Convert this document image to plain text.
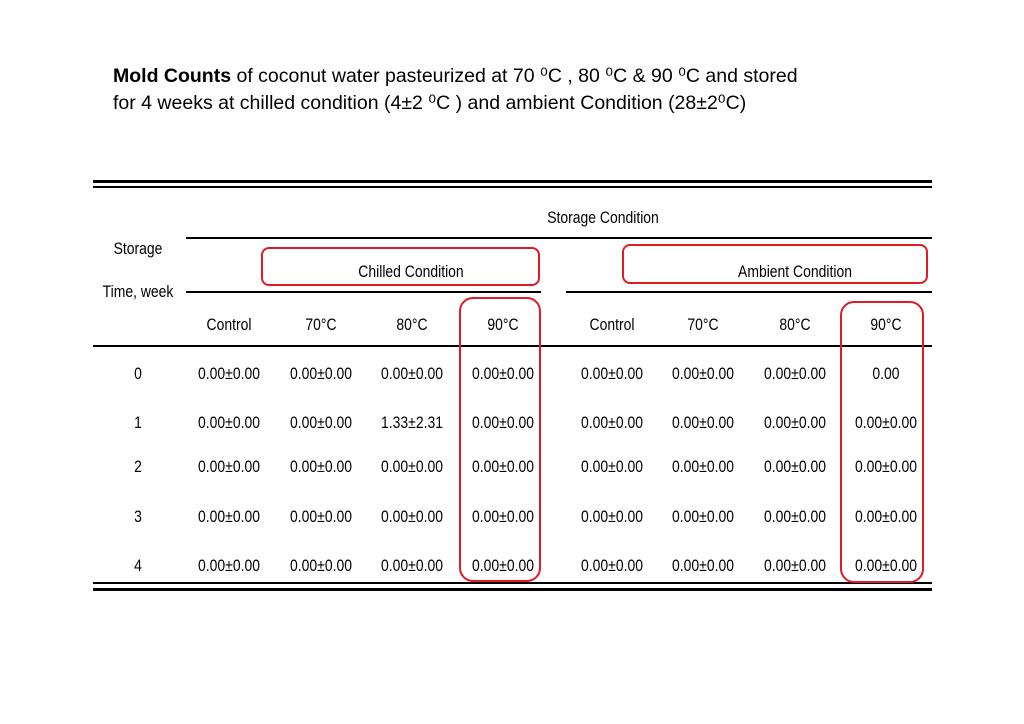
Mold Counts of coconut water pasteurized at 70 ⁰C , 80 ⁰C & 90 ⁰C and stored
for 4 weeks at chilled condition (4±2 ⁰C ) and ambient Condition (28±2⁰C)
Storage
Time, week
Storage Condition
Chilled Condition	Ambient Condition
Control	70°C	80°C	90°C	Control	70°C	80°C	90°C
0	0.00±0.00	0.00±0.00	0.00±0.00	0.00±0.00	0.00±0.00	0.00±0.00	0.00±0.00	0.00
1	0.00±0.00	0.00±0.00	1.33±2.31	0.00±0.00	0.00±0.00	0.00±0.00	0.00±0.00	0.00±0.00
2	0.00±0.00	0.00±0.00	0.00±0.00	0.00±0.00	0.00±0.00	0.00±0.00	0.00±0.00	0.00±0.00
3	0.00±0.00	0.00±0.00	0.00±0.00	0.00±0.00	0.00±0.00	0.00±0.00	0.00±0.00	0.00±0.00
4	0.00±0.00	0.00±0.00	0.00±0.00	0.00±0.00	0.00±0.00	0.00±0.00	0.00±0.00	0.00±0.00
